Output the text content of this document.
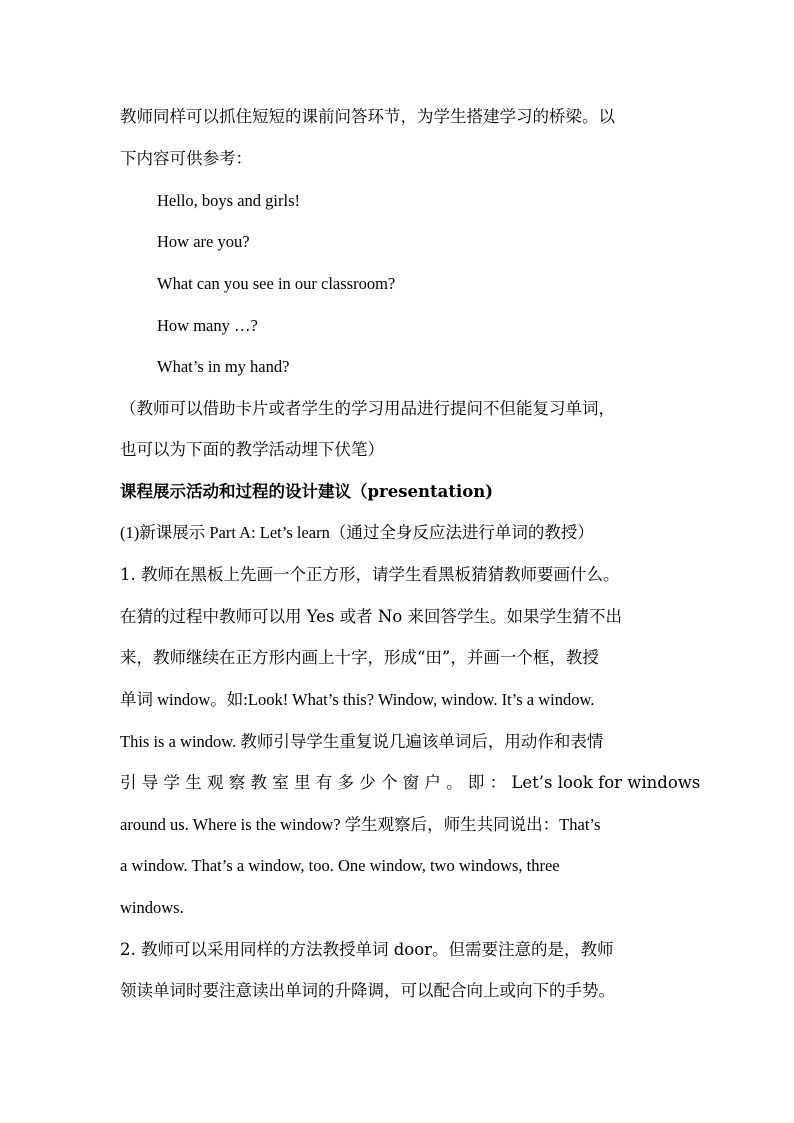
教师同样可以抓住短短的课前问答环节，为学生搭建学习的桥梁。以
下内容可供参考：
Hello, boys and girls!
How are you?
What can you see in our classroom?
How many …?
What’s in my hand?
（教师可以借助卡片或者学生的学习用品进行提问不但能复习单词，
也可以为下面的教学活动埋下伏笔）
课程展示活动和过程的设计建议（presentation)
(1)新课展示 Part A: Let’s learn（通过全身反应法进行单词的教授）
1. 教师在黑板上先画一个正方形，请学生看黑板猜猜教师要画什么。
在猜的过程中教师可以用 Yes 或者 No 来回答学生。如果学生猜不出
来，教师继续在正方形内画上十字，形成“田”，并画一个框，教授
单词 window。如:Look! What’s this? Window, window. It’s a window.
This is a window. 教师引导学生重复说几遍该单词后，用动作和表情
引 导 学 生 观 察 教 室 里 有 多 少 个 窗 户 。 即 ： Let’s look for windows
around us. Where is the window? 学生观察后，师生共同说出：That’s
a window. That’s a window, too. One window, two windows, three
windows.
2. 教师可以采用同样的方法教授单词 door。但需要注意的是，教师
领读单词时要注意读出单词的升降调，可以配合向上或向下的手势。
